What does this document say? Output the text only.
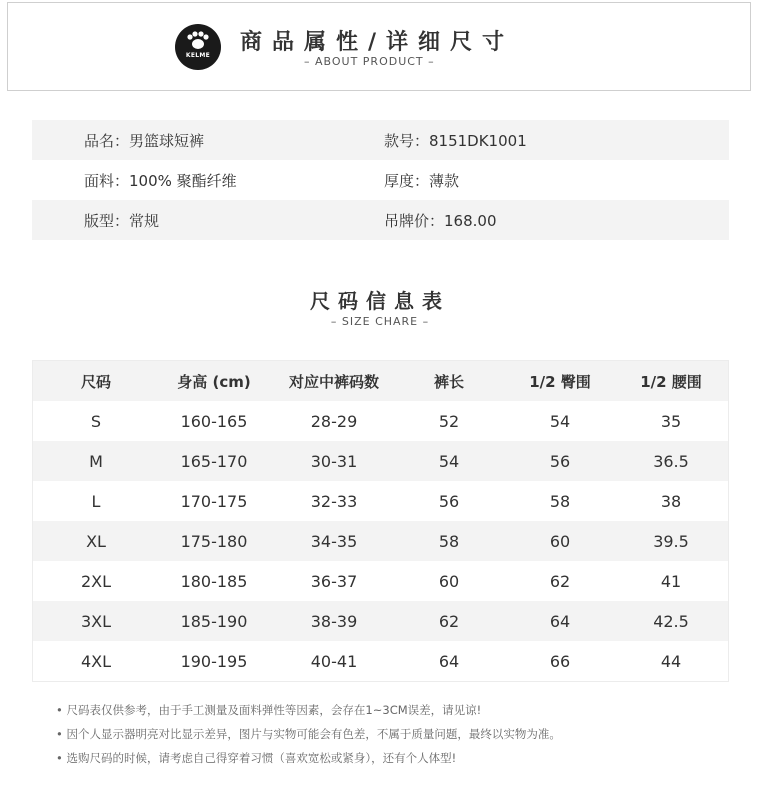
KELME
商品属性/详细尺寸
– ABOUT PRODUCT –
品名：男篮球短裤	款号：8151DK1001
面料：100% 聚酯纤维	厚度：薄款
版型：常规	吊牌价：168.00
尺码信息表
– SIZE CHARE –
尺码	身高 (cm)	对应中裤码数	裤长	1/2 臀围	1/2 腰围
S	160-165	28-29	52	54	35
M	165-170	30-31	54	56	36.5
L	170-175	32-33	56	58	38
XL	175-180	34-35	58	60	39.5
2XL	180-185	36-37	60	62	41
3XL	185-190	38-39	62	64	42.5
4XL	190-195	40-41	64	66	44
• 尺码表仅供参考，由于手工测量及面料弹性等因素，会存在1~3CM误差，请见谅!
• 因个人显示器明亮对比显示差异，图片与实物可能会有色差，不属于质量问题，最终以实物为准。
• 选购尺码的时候，请考虑自己得穿着习惯（喜欢宽松或紧身），还有个人体型!
